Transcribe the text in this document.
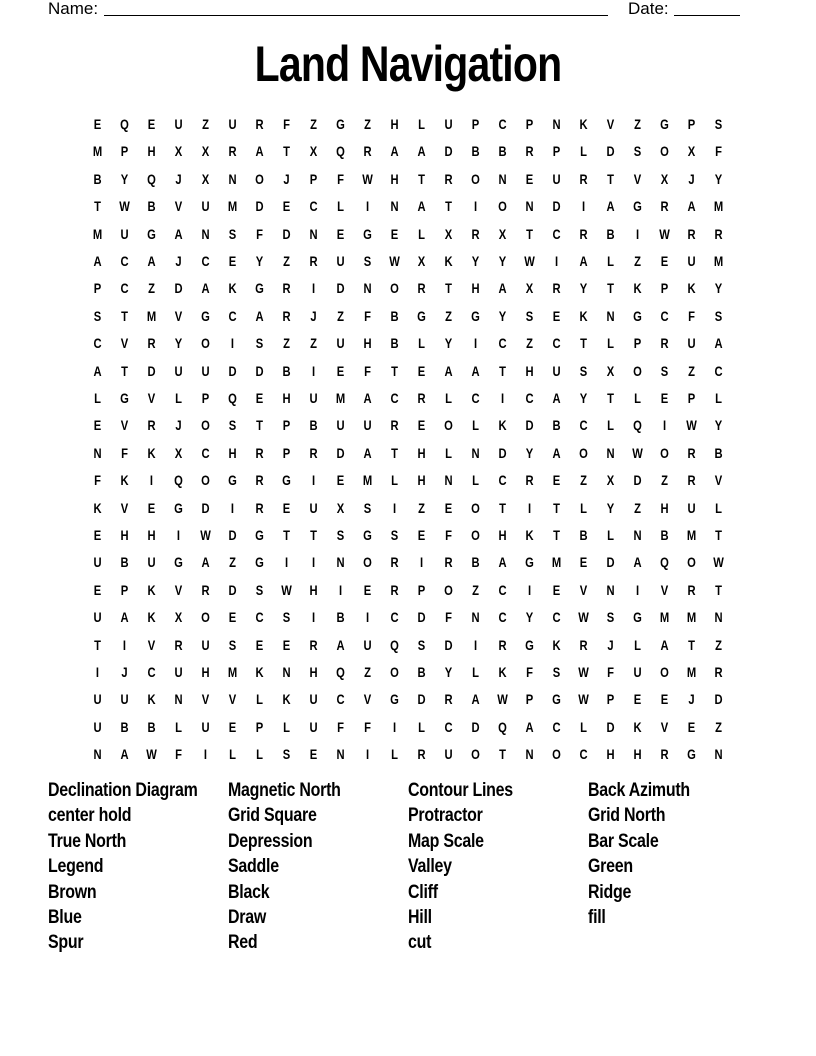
Name:	Date:
Land Navigation
E	Q	E	U	Z	U	R	F	Z	G	Z	H	L	U	P	C	P	N	K	V	Z	G	P	S
M	P	H	X	X	R	A	T	X	Q	R	A	A	D	B	B	R	P	L	D	S	O	X	F
B	Y	Q	J	X	N	O	J	P	F	W	H	T	R	O	N	E	U	R	T	V	X	J	Y
T	W	B	V	U	M	D	E	C	L	I	N	A	T	I	O	N	D	I	A	G	R	A	M
M	U	G	A	N	S	F	D	N	E	G	E	L	X	R	X	T	C	R	B	I	W	R	R
A	C	A	J	C	E	Y	Z	R	U	S	W	X	K	Y	Y	W	I	A	L	Z	E	U	M
P	C	Z	D	A	K	G	R	I	D	N	O	R	T	H	A	X	R	Y	T	K	P	K	Y
S	T	M	V	G	C	A	R	J	Z	F	B	G	Z	G	Y	S	E	K	N	G	C	F	S
C	V	R	Y	O	I	S	Z	Z	U	H	B	L	Y	I	C	Z	C	T	L	P	R	U	A
A	T	D	U	U	D	D	B	I	E	F	T	E	A	A	T	H	U	S	X	O	S	Z	C
L	G	V	L	P	Q	E	H	U	M	A	C	R	L	C	I	C	A	Y	T	L	E	P	L
E	V	R	J	O	S	T	P	B	U	U	R	E	O	L	K	D	B	C	L	Q	I	W	Y
N	F	K	X	C	H	R	P	R	D	A	T	H	L	N	D	Y	A	O	N	W	O	R	B
F	K	I	Q	O	G	R	G	I	E	M	L	H	N	L	C	R	E	Z	X	D	Z	R	V
K	V	E	G	D	I	R	E	U	X	S	I	Z	E	O	T	I	T	L	Y	Z	H	U	L
E	H	H	I	W	D	G	T	T	S	G	S	E	F	O	H	K	T	B	L	N	B	M	T
U	B	U	G	A	Z	G	I	I	N	O	R	I	R	B	A	G	M	E	D	A	Q	O	W
E	P	K	V	R	D	S	W	H	I	E	R	P	O	Z	C	I	E	V	N	I	V	R	T
U	A	K	X	O	E	C	S	I	B	I	C	D	F	N	C	Y	C	W	S	G	M	M	N
T	I	V	R	U	S	E	E	R	A	U	Q	S	D	I	R	G	K	R	J	L	A	T	Z
I	J	C	U	H	M	K	N	H	Q	Z	O	B	Y	L	K	F	S	W	F	U	O	M	R
U	U	K	N	V	V	L	K	U	C	V	G	D	R	A	W	P	G	W	P	E	E	J	D
U	B	B	L	U	E	P	L	U	F	F	I	L	C	D	Q	A	C	L	D	K	V	E	Z
N	A	W	F	I	L	L	S	E	N	I	L	R	U	O	T	N	O	C	H	H	R	G	N
Declination Diagram
center hold
True North
Legend
Brown
Blue
Spur
Magnetic North
Grid Square
Depression
Saddle
Black
Draw
Red
Contour Lines
Protractor
Map Scale
Valley
Cliff
Hill
cut
Back Azimuth
Grid North
Bar Scale
Green
Ridge
fill
